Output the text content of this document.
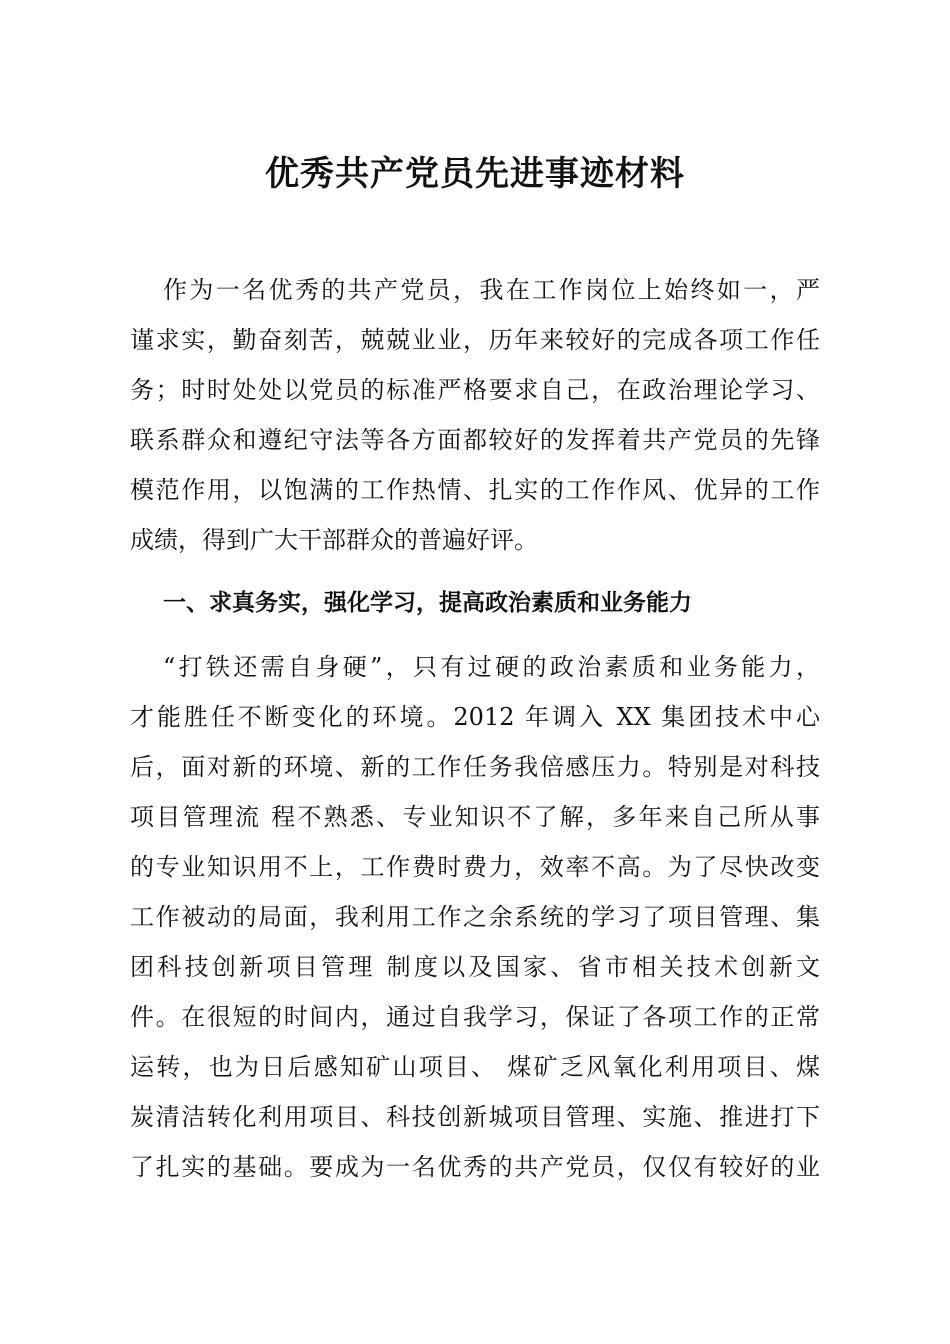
优秀共产党员先进事迹材料
作为一名优秀的共产党员，我在工作岗位上始终如一，严
谨求实，勤奋刻苦，兢兢业业，历年来较好的完成各项工作任
务；时时处处以党员的标准严格要求自己，在政治理论学习、
联系群众和遵纪守法等各方面都较好的发挥着共产党员的先锋
模范作用，以饱满的工作热情、扎实的工作作风、优异的工作
成绩，得到广大干部群众的普遍好评。
一、求真务实，强化学习，提高政治素质和业务能力
“打铁还需自身硬”，只有过硬的政治素质和业务能力，
才能胜任不断变化的环境。2012 年调入 XX 集团技术中心
后，面对新的环境、新的工作任务我倍感压力。特别是对科技
项目管理流 程不熟悉、专业知识不了解，多年来自己所从事
的专业知识用不上，工作费时费力，效率不高。为了尽快改变
工作被动的局面，我利用工作之余系统的学习了项目管理、集
团科技创新项目管理 制度以及国家、省市相关技术创新文
件。在很短的时间内，通过自我学习，保证了各项工作的正常
运转，也为日后感知矿山项目、 煤矿乏风氧化利用项目、煤
炭清洁转化利用项目、科技创新城项目管理、实施、推进打下
了扎实的基础。要成为一名优秀的共产党员，仅仅有较好的业
